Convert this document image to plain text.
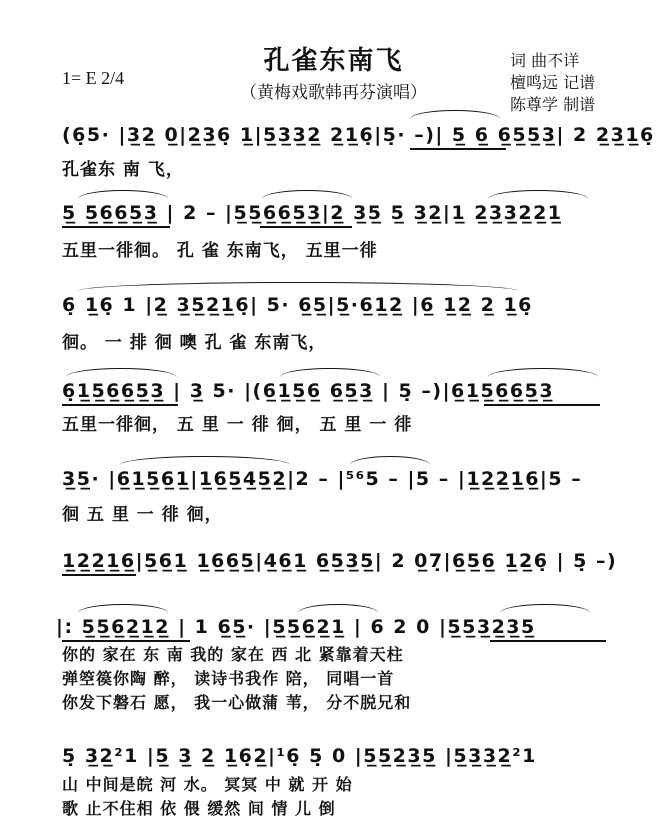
孔雀东南飞
（黄梅戏歌韩再芬演唱）
1= E 2/4
词 曲不详
檀鸣远 记谱
陈尊学 制谱
(6̣5· |3̲2̲ 0̲|2̲3̲6̣ 1̲|5̲3̲3̲2̲ 2̲1̲6̣|5̣· –)| 5̲ 6̲ 6̲5̲5̲3̲| 2 2̲3̲1̲6̣
孔雀东 南 飞，
5̲ 5̲6̲6̲5̲3̲ | 2 – |5̲5̲6̲6̲5̲3̲|2̲ 3̲5̲ 5̲ 3̲2̲|1̲ 2̲3̲3̲2̲2̲1̲
五里一徘徊。 孔 雀 东南飞， 五里一徘
6̣ 1̲6̣ 1 |2̲ 3̲5̲2̲1̲6̣| 5· 6̲5̲|5̲·6̲1̲2̲ |6̲ 1̲2̲ 2̲ 1̲6̣
徊。 一 排 徊 噢 孔 雀 东南飞，
6̣1̲5̲6̲6̲5̲3̲ | 3̲ 5· |(6̲1̲5̲6̲ 6̲5̲3̲ | 5̣ –)|6̲1̲5̲6̲6̲5̲3̲
五里一徘徊， 五 里 一 徘 徊， 五 里 一 徘
3̲5̲· |6̲1̲5̲6̲1̲|1̲6̲5̲4̲5̲2̲|2 – |⁵⁶5 – |5 – |1̲2̲2̲1̲6̲|5 –
徊 五 里 一 徘 徊，
1̲2̲2̲1̲6̲|5̲6̲1̲ 1̲6̲6̲5̲|4̲6̲1̲ 6̲5̲3̲5̲| 2 0̲7̣|6̲5̲6̲ 1̲2̲6̣ | 5̣ –)
|: 5̲5̲6̲2̲1̲2̲ | 1 6̲5̲· |5̲5̲6̲2̲1̲ | 6 2 0 |5̲5̲3̲2̲3̲5̲
你的 家在 东 南 我的 家在 西 北 紧靠着天柱
弹箜篌你陶 醉， 读诗书我作 陪， 同唱一首
你发下磐石 愿， 我一心做蒲 苇， 分不脱兄和
5̣ 3̲2̲²1 |5̲ 3̲ 2̲ 1̲6̣2̲|¹6̣ 5̣ 0 |5̲5̲2̲3̲5̲ |5̲3̲3̲2̲²1
山 中间是皖 河 水。 冥冥 中 就 开 始
歌 止不住相 依 偎 缓然 间 情 儿 倒
